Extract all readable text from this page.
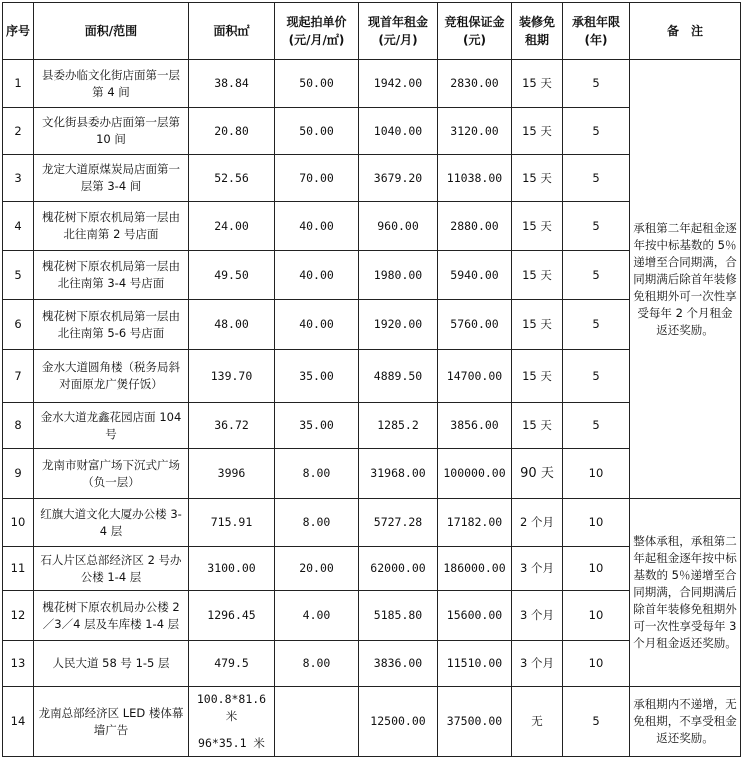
序号	面积/范围	面积㎡	现起拍单价(元/月/㎡)	现首年租金(元/月)	竞租保证金(元)	装修免租期	承租年限(年)	备　注
1	县委办临文化街店面第一层第 4 间	38.84	50.00	1942.00	2830.00	15 天	5	承租第二年起租金逐年按中标基数的 5％递增至合同期满，合同期满后除首年装修免租期外可一次性享受每年 2 个月租金返还奖励。
2	文化街县委办店面第一层第 10 间	20.80	50.00	1040.00	3120.00	15 天	5	
3	龙定大道原煤炭局店面第一层第 3-4 间	52.56	70.00	3679.20	11038.00	15 天	5	
4	槐花树下原农机局第一层由北往南第 2 号店面	24.00	40.00	960.00	2880.00	15 天	5	
5	槐花树下原农机局第一层由北往南第 3-4 号店面	49.50	40.00	1980.00	5940.00	15 天	5	
6	槐花树下原农机局第一层由北往南第 5-6 号店面	48.00	40.00	1920.00	5760.00	15 天	5	
7	金水大道圆角楼（税务局斜对面原龙广煲仔饭）	139.70	35.00	4889.50	14700.00	15 天	5	
8	金水大道龙鑫花园店面 104 号	36.72	35.00	1285.2	3856.00	15 天	5	
9	龙南市财富广场下沉式广场（负一层）	3996	8.00	31968.00	100000.00	90 天	10	
10	红旗大道文化大厦办公楼 3-4 层	715.91	8.00	5727.28	17182.00	2 个月	10	整体承租，承租第二年起租金逐年按中标基数的 5％递增至合同期满，合同期满后除首年装修免租期外可一次性享受每年 3 个月租金返还奖励。
11	石人片区总部经济区 2 号办公楼 1-4 层	3100.00	20.00	62000.00	186000.00	3 个月	10	
12	槐花树下原农机局办公楼 2／3／4 层及车库楼 1-4 层	1296.45	4.00	5185.80	15600.00	3 个月	10	
13	人民大道 58 号 1-5 层	479.5	8.00	3836.00	11510.00	3 个月	10	
14	龙南总部经济区 LED 楼体幕墙广告	100.8*81.6 米
96*35.1 米		12500.00	37500.00	无	5	承租期内不递增，无免租期，不享受租金返还奖励。
